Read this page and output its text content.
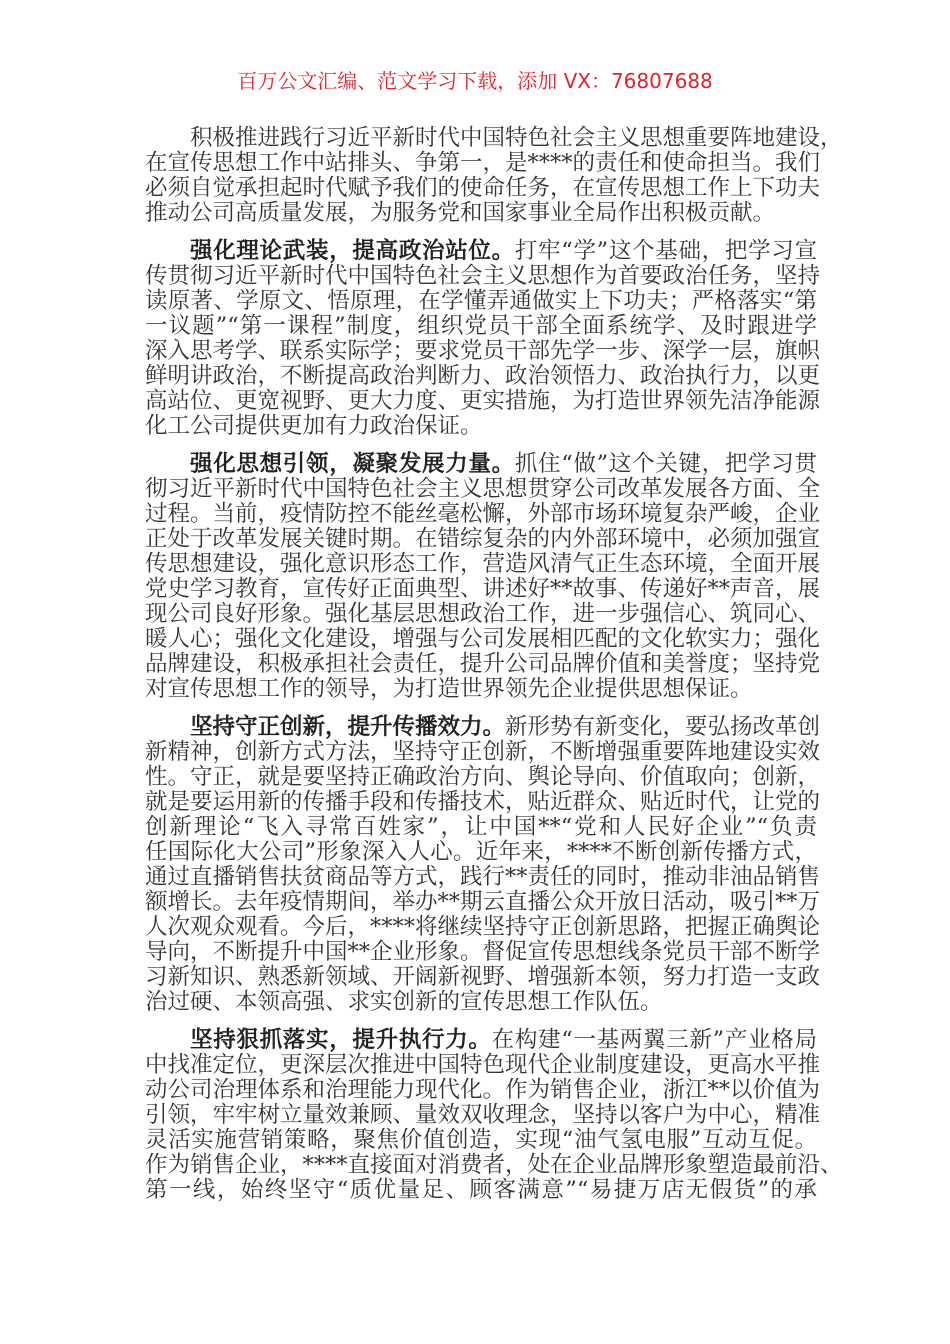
百万公文汇编、范文学习下载，添加 VX：76807688
积极推进践行习近平新时代中国特色社会主义思想重要阵地建设，
在宣传思想工作中站排头、争第一，是****的责任和使命担当。我们
必须自觉承担起时代赋予我们的使命任务，在宣传思想工作上下功夫
推动公司高质量发展，为服务党和国家事业全局作出积极贡献。
强化理论武装，提高政治站位。打牢“学”这个基础，把学习宣
传贯彻习近平新时代中国特色社会主义思想作为首要政治任务，坚持
读原著、学原文、悟原理，在学懂弄通做实上下功夫；严格落实“第
一议题”“第一课程”制度，组织党员干部全面系统学、及时跟进学
深入思考学、联系实际学；要求党员干部先学一步、深学一层，旗帜
鲜明讲政治，不断提高政治判断力、政治领悟力、政治执行力，以更
高站位、更宽视野、更大力度、更实措施，为打造世界领先洁净能源
化工公司提供更加有力政治保证。
强化思想引领，凝聚发展力量。抓住“做”这个关键，把学习贯
彻习近平新时代中国特色社会主义思想贯穿公司改革发展各方面、全
过程。当前，疫情防控不能丝毫松懈，外部市场环境复杂严峻，企业
正处于改革发展关键时期。在错综复杂的内外部环境中，必须加强宣
传思想建设，强化意识形态工作，营造风清气正生态环境，全面开展
党史学习教育，宣传好正面典型、讲述好**故事、传递好**声音，展
现公司良好形象。强化基层思想政治工作，进一步强信心、筑同心、
暖人心；强化文化建设，增强与公司发展相匹配的文化软实力；强化
品牌建设，积极承担社会责任，提升公司品牌价值和美誉度；坚持党
对宣传思想工作的领导，为打造世界领先企业提供思想保证。
坚持守正创新，提升传播效力。新形势有新变化，要弘扬改革创
新精神，创新方式方法，坚持守正创新，不断增强重要阵地建设实效
性。守正，就是要坚持正确政治方向、舆论导向、价值取向；创新，
就是要运用新的传播手段和传播技术，贴近群众、贴近时代，让党的
创新理论“飞入寻常百姓家”，让中国**“党和人民好企业”“负责
任国际化大公司”形象深入人心。近年来，****不断创新传播方式，
通过直播销售扶贫商品等方式，践行**责任的同时，推动非油品销售
额增长。去年疫情期间，举办**期云直播公众开放日活动，吸引**万
人次观众观看。今后，****将继续坚持守正创新思路，把握正确舆论
导向，不断提升中国**企业形象。督促宣传思想线条党员干部不断学
习新知识、熟悉新领域、开阔新视野、增强新本领，努力打造一支政
治过硬、本领高强、求实创新的宣传思想工作队伍。
坚持狠抓落实，提升执行力。在构建“一基两翼三新”产业格局
中找准定位，更深层次推进中国特色现代企业制度建设，更高水平推
动公司治理体系和治理能力现代化。作为销售企业，浙江**以价值为
引领，牢牢树立量效兼顾、量效双收理念，坚持以客户为中心，精准
灵活实施营销策略，聚焦价值创造，实现“油气氢电服”互动互促。
作为销售企业，****直接面对消费者，处在企业品牌形象塑造最前沿、
第一线，始终坚守“质优量足、顾客满意”“易捷万店无假货”的承
